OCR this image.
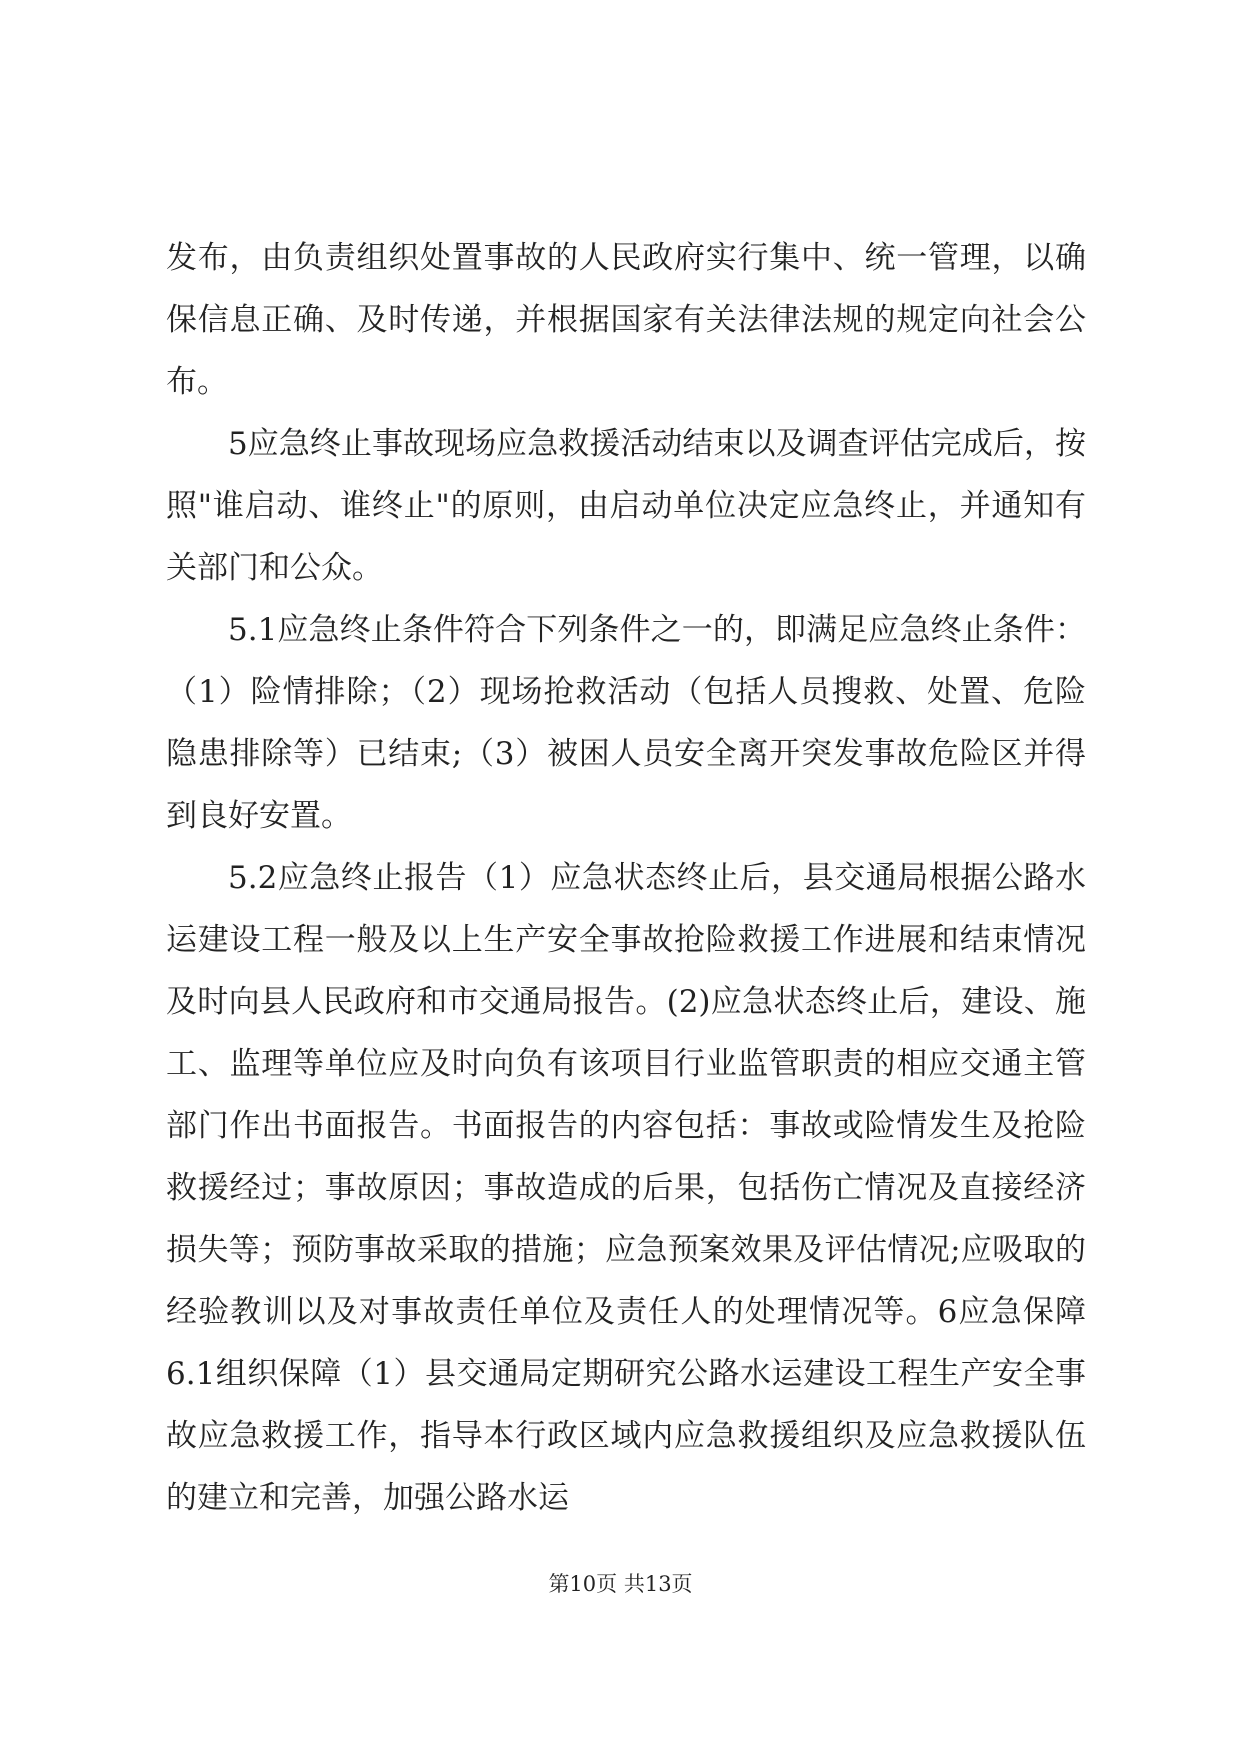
发布，由负责组织处置事故的人民政府实行集中、统一管理，以确保信息正确、及时传递，并根据国家有关法律法规的规定向社会公布。

5应急终止事故现场应急救援活动结束以及调查评估完成后，按照"谁启动、谁终止"的原则，由启动单位决定应急终止，并通知有关部门和公众。

5.1应急终止条件符合下列条件之一的，即满足应急终止条件：（1）险情排除；（2）现场抢救活动（包括人员搜救、处置、危险隐患排除等）已结束;（3）被困人员安全离开突发事故危险区并得到良好安置。

5.2应急终止报告（1）应急状态终止后，县交通局根据公路水运建设工程一般及以上生产安全事故抢险救援工作进展和结束情况及时向县人民政府和市交通局报告。(2)应急状态终止后，建设、施工、监理等单位应及时向负有该项目行业监管职责的相应交通主管部门作出书面报告。书面报告的内容包括：事故或险情发生及抢险救援经过；事故原因；事故造成的后果，包括伤亡情况及直接经济损失等；预防事故采取的措施；应急预案效果及评估情况;应吸取的经验教训以及对事故责任单位及责任人的处理情况等。6应急保障6.1组织保障（1）县交通局定期研究公路水运建设工程生产安全事故应急救援工作，指导本行政区域内应急救援组织及应急救援队伍的建立和完善，加强公路水运

第10页 共13页
